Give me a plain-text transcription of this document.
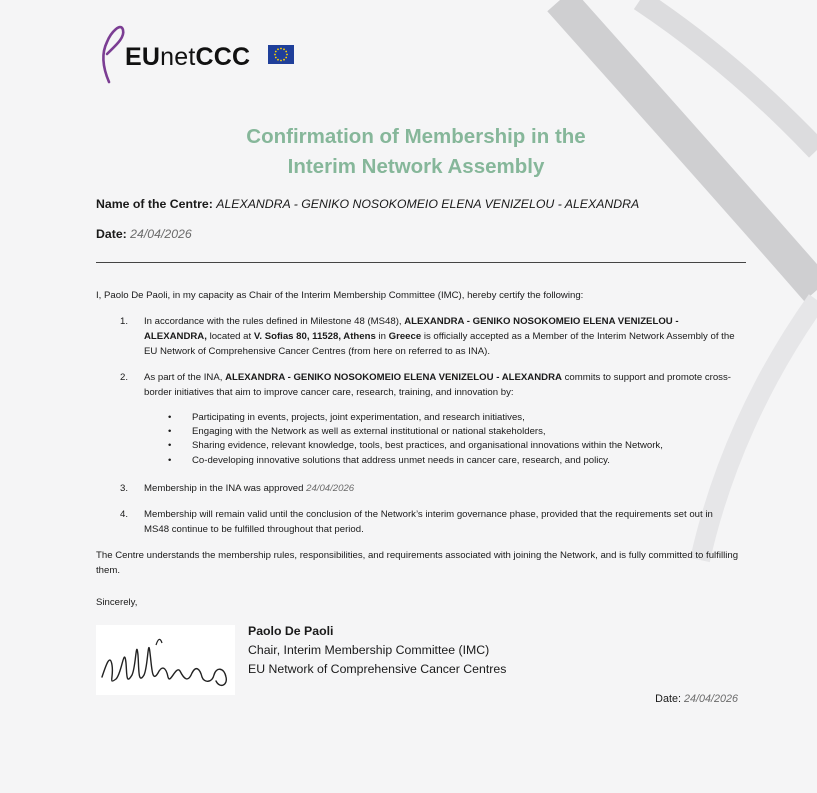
EUnetCCC
Confirmation of Membership in the
Interim Network Assembly
Name of the Centre: ALEXANDRA - GENIKO NOSOKOMEIO ELENA VENIZELOU - ALEXANDRA
Date: 24/04/2026
I, Paolo De Paoli, in my capacity as Chair of the Interim Membership Committee (IMC), hereby certify the following:
1. In accordance with the rules defined in Milestone 48 (MS48), ALEXANDRA - GENIKO NOSOKOMEIO ELENA VENIZELOU - ALEXANDRA, located at V. Sofias 80, 11528, Athens in Greece is officially accepted as a Member of the Interim Network Assembly of the EU Network of Comprehensive Cancer Centres (from here on referred to as INA).
2. As part of the INA, ALEXANDRA - GENIKO NOSOKOMEIO ELENA VENIZELOU - ALEXANDRA commits to support and promote cross-border initiatives that aim to improve cancer care, research, training, and innovation by:
• Participating in events, projects, joint experimentation, and research initiatives,
• Engaging with the Network as well as external institutional or national stakeholders,
• Sharing evidence, relevant knowledge, tools, best practices, and organisational innovations within the Network,
• Co-developing innovative solutions that address unmet needs in cancer care, research, and policy.
3. Membership in the INA was approved 24/04/2026
4. Membership will remain valid until the conclusion of the Network’s interim governance phase, provided that the requirements set out in MS48 continue to be fulfilled throughout that period.
The Centre understands the membership rules, responsibilities, and requirements associated with joining the Network, and is fully committed to fulfilling them.
Sincerely,
Paolo De Paoli
Chair, Interim Membership Committee (IMC)
EU Network of Comprehensive Cancer Centres
Date: 24/04/2026
